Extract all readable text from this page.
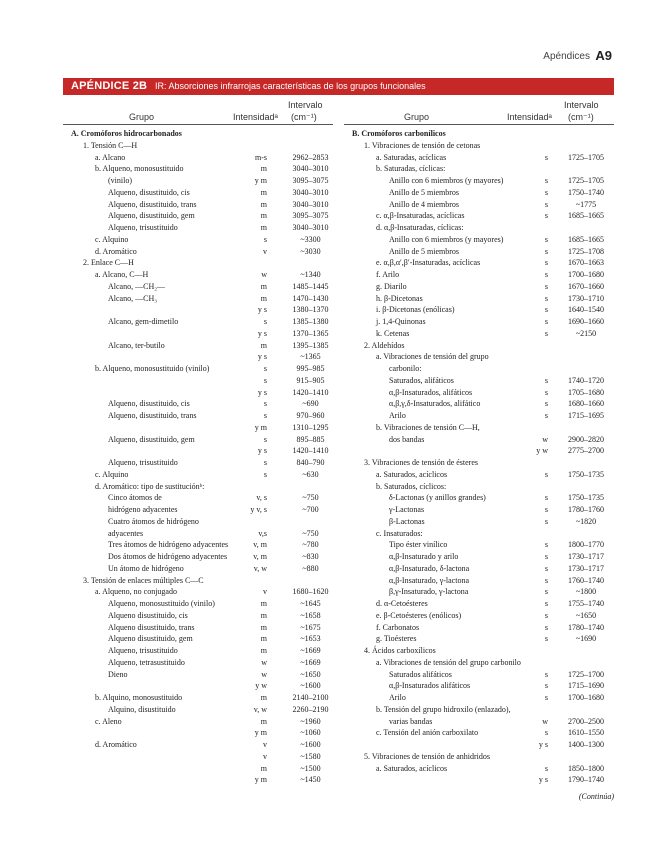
Apéndices A9
APÉNDICE 2B IR: Absorciones infrarrojas características de los grupos funcionales
Grupo	Intensidadᵃ
Intervalo
(cm⁻¹)	Grupo	Intensidadᵃ
Intervalo
(cm⁻¹)
A. Cromóforos hidrocarbonados
1. Tensión C—H
a. Alcano	m-s	2962–2853
b. Alqueno, monosustituido	m	3040–3010
(vinilo)	y m	3095–3075
Alqueno, disustituido, cis	m	3040–3010
Alqueno, disustituido, trans	m	3040–3010
Alqueno, disustituido, gem	m	3095–3075
Alqueno, trisustituido	m	3040–3010
c. Alquino	s	~3300
d. Aromático	v	~3030
2. Enlace C—H
a. Alcano, C—H	w	~1340
Alcano, —CH₂—	m	1485–1445
Alcano, —CH₃	m	1470–1430
y s	1380–1370
Alcano, gem-dimetilo	s	1385–1380
y s	1370–1365
Alcano, ter-butilo	m	1395–1385
y s	~1365
b. Alqueno, monosustituido (vinilo)	s	995–985
s	915–905
y s	1420–1410
Alqueno, disustituido, cis	s	~690
Alqueno, disustituido, trans	s	970–960
y m	1310–1295
Alqueno, disustituido, gem	s	895–885
y s	1420–1410
Alqueno, trisustituido	s	840–790
c. Alquino	s	~630
d. Aromático: tipo de sustituciónᵇ:
Cinco átomos de	v, s	~750
hidrógeno adyacentes	y v, s	~700
Cuatro átomos de hidrógeno
adyacentes	v,s	~750
Tres átomos de hidrógeno adyacentes	v, m	~780
Dos átomos de hidrógeno adyacentes	v, m	~830
Un átomo de hidrógeno	v, w	~880
3. Tensión de enlaces múltiples C—C
a. Alqueno, no conjugado	v	1680–1620
Alqueno, monosustituido (vinilo)	m	~1645
Alqueno disustituido, cis	m	~1658
Alqueno disustituido, trans	m	~1675
Alqueno disustituido, gem	m	~1653
Alqueno, trisustituido	m	~1669
Alqueno, tetrasustituido	w	~1669
Dieno	w	~1650
y w	~1600
b. Alquino, monosustituido	m	2140–2100
Alquino, disustituido	v, w	2260–2190
c. Aleno	m	~1960
y m	~1060
d. Aromático	v	~1600
v	~1580
m	~1500
y m	~1450
B. Cromóforos carbonílicos
1. Vibraciones de tensión de cetonas
a. Saturadas, acíclicas	s	1725–1705
b. Saturadas, cíclicas:
Anillo con 6 miembros (y mayores)	s	1725–1705
Anillo de 5 miembros	s	1750–1740
Anillo de 4 miembros	s	~1775
c. α,β-Insaturadas, acíclicas	s	1685–1665
d. α,β-Insaturadas, cíclicas:
Anillo con 6 miembros (y mayores)	s	1685–1665
Anillo de 5 miembros	s	1725–1708
e. α,β,α′,β′-Insaturadas, acíclicas	s	1670–1663
f. Arilo	s	1700–1680
g. Diarilo	s	1670–1660
h. β-Dicetonas	s	1730–1710
i. β-Dicetonas (enólicas)	s	1640–1540
j. 1,4-Quinonas	s	1690–1660
k. Cetenas	s	~2150
2. Aldehídos
a. Vibraciones de tensión del grupo
carbonilo:
Saturados, alifáticos	s	1740–1720
α,β-Insaturados, alifáticos	s	1705–1680
α,β,γ,δ-Insaturados, alifático	s	1680–1660
Arilo	s	1715–1695
b. Vibraciones de tensión C—H,
dos bandas	w	2900–2820
y w	2775–2700
3. Vibraciones de tensión de ésteres
a. Saturados, acíclicos	s	1750–1735
b. Saturados, cíclicos:
δ-Lactonas (y anillos grandes)	s	1750–1735
γ-Lactonas	s	1780–1760
β-Lactonas	s	~1820
c. Insaturados:
Tipo éster vinílico	s	1800–1770
α,β-Insaturado y arilo	s	1730–1717
α,β-Insaturado, δ-lactona	s	1730–1717
α,β-Insaturado, γ-lactona	s	1760–1740
β,γ-Insaturado, γ-lactona	s	~1800
d. α-Cetoésteres	s	1755–1740
e. β-Cetoésteres (enólicos)	s	~1650
f. Carbonatos	s	1780–1740
g. Tioésteres	s	~1690
4. Ácidos carboxílicos
a. Vibraciones de tensión del grupo carbonilo
Saturados alifáticos	s	1725–1700
α,β-Insaturados alifáticos	s	1715–1690
Arilo	s	1700–1680
b. Tensión del grupo hidroxilo (enlazado),
varias bandas	w	2700–2500
c. Tensión del anión carboxilato	s	1610–1550
y s	1400–1300
5. Vibraciones de tensión de anhidridos
a. Saturados, acíclicos	s	1850–1800
y s	1790–1740
(Continúa)
